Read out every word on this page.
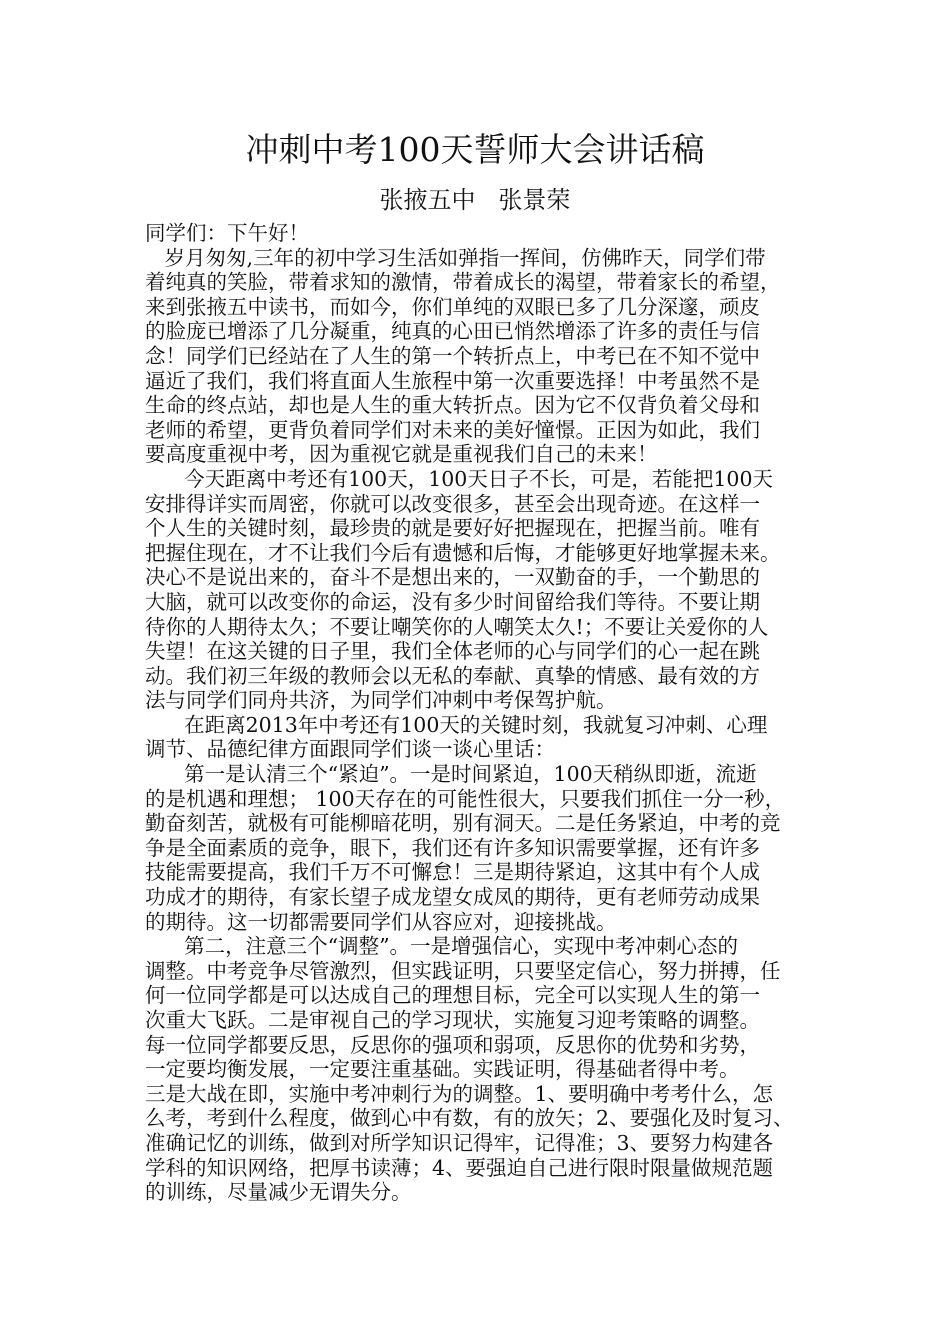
冲刺中考100天誓师大会讲话稿
张掖五中   张景荣
同学们：下午好！
岁月匆匆,三年的初中学习生活如弹指一挥间，仿佛昨天，同学们带
着纯真的笑脸，带着求知的激情，带着成长的渴望，带着家长的希望，
来到张掖五中读书，而如今，你们单纯的双眼已多了几分深邃，顽皮
的脸庞已增添了几分凝重，纯真的心田已悄然增添了许多的责任与信
念！同学们已经站在了人生的第一个转折点上，中考已在不知不觉中
逼近了我们，我们将直面人生旅程中第一次重要选择！中考虽然不是
生命的终点站，却也是人生的重大转折点。因为它不仅背负着父母和
老师的希望，更背负着同学们对未来的美好憧憬。正因为如此，我们
要高度重视中考，因为重视它就是重视我们自己的未来！
今天距离中考还有100天，100天日子不长，可是，若能把100天
安排得详实而周密，你就可以改变很多，甚至会出现奇迹。在这样一
个人生的关键时刻，最珍贵的就是要好好把握现在，把握当前。唯有
把握住现在，才不让我们今后有遗憾和后悔，才能够更好地掌握未来。
决心不是说出来的，奋斗不是想出来的，一双勤奋的手，一个勤思的
大脑，就可以改变你的命运，没有多少时间留给我们等待。不要让期
待你的人期待太久；不要让嘲笑你的人嘲笑太久!；不要让关爱你的人
失望！在这关键的日子里，我们全体老师的心与同学们的心一起在跳
动。我们初三年级的教师会以无私的奉献、真挚的情感、最有效的方
法与同学们同舟共济，为同学们冲刺中考保驾护航。
在距离2013年中考还有100天的关键时刻，我就复习冲刺、心理
调节、品德纪律方面跟同学们谈一谈心里话：
第一是认清三个“紧迫”。一是时间紧迫，100天稍纵即逝，流逝
的是机遇和理想； 100天存在的可能性很大，只要我们抓住一分一秒，
勤奋刻苦，就极有可能柳暗花明，别有洞天。二是任务紧迫，中考的竞
争是全面素质的竞争，眼下，我们还有许多知识需要掌握，还有许多
技能需要提高，我们千万不可懈怠！三是期待紧迫，这其中有个人成
功成才的期待，有家长望子成龙望女成凤的期待，更有老师劳动成果
的期待。这一切都需要同学们从容应对，迎接挑战。
第二，注意三个“调整”。一是增强信心，实现中考冲刺心态的
调整。中考竞争尽管激烈，但实践证明，只要坚定信心，努力拼搏，任
何一位同学都是可以达成自己的理想目标，完全可以实现人生的第一
次重大飞跃。二是审视自己的学习现状，实施复习迎考策略的调整。
每一位同学都要反思，反思你的强项和弱项，反思你的优势和劣势，
一定要均衡发展，一定要注重基础。实践证明，得基础者得中考。
三是大战在即，实施中考冲刺行为的调整。1、要明确中考考什么，怎
么考，考到什么程度，做到心中有数，有的放矢；2、要强化及时复习、
准确记忆的训练，做到对所学知识记得牢，记得准；3、要努力构建各
学科的知识网络，把厚书读薄；4、要强迫自己进行限时限量做规范题
的训练，尽量减少无谓失分。
